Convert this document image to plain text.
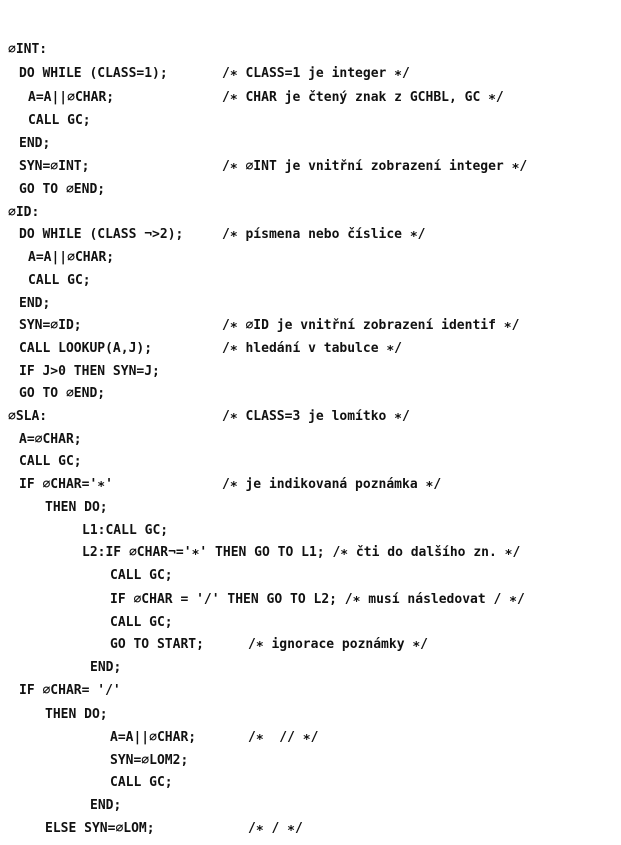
∅INT:
DO WHILE (CLASS=1);	/∗ CLASS=1 je integer ∗/
A=A||∅CHAR;	/∗ CHAR je čtený znak z GCHBL, GC ∗/
CALL GC;
END;
SYN=∅INT;	/∗ ∅INT je vnitřní zobrazení integer ∗/
GO TO ∅END;
∅ID:
DO WHILE (CLASS ¬>2);	/∗ písmena nebo číslice ∗/
A=A||∅CHAR;
CALL GC;
END;
SYN=∅ID;	/∗ ∅ID je vnitřní zobrazení identif ∗/
CALL LOOKUP(A,J);	/∗ hledání v tabulce ∗/
IF J>0 THEN SYN=J;
GO TO ∅END;
∅SLA:	/∗ CLASS=3 je lomítko ∗/
A=∅CHAR;
CALL GC;
IF ∅CHAR='∗'	/∗ je indikovaná poznámka ∗/
THEN DO;
L1:CALL GC;
L2:IF ∅CHAR¬='∗' THEN GO TO L1; /∗ čti do dalšího zn. ∗/
CALL GC;
IF ∅CHAR = '/' THEN GO TO L2; /∗ musí následovat / ∗/
CALL GC;
GO TO START;	/∗ ignorace poznámky ∗/
END;
IF ∅CHAR= '/'
THEN DO;
A=A||∅CHAR;	/∗  // ∗/
SYN=∅LOM2;
CALL GC;
END;
ELSE SYN=∅LOM;	/∗ / ∗/
